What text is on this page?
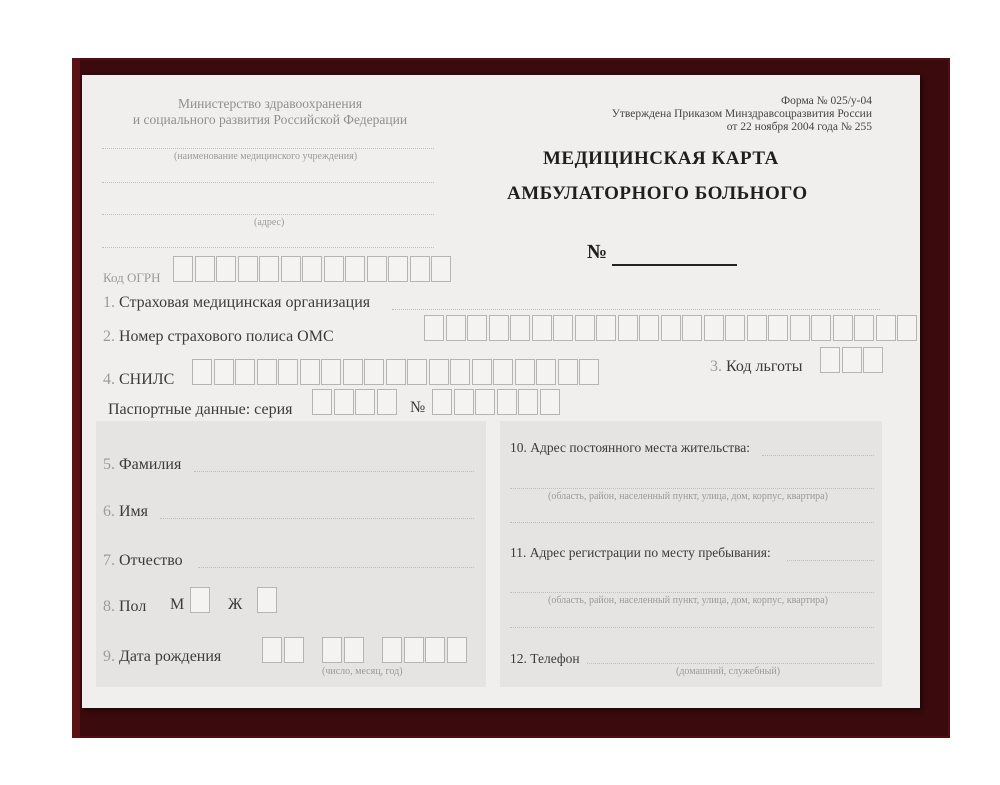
Министерство здравоохранения
и социального развития Российской Федерации
(наименование медицинского учреждения)
(адрес)
Код ОГРН
Форма № 025/у-04
Утверждена Приказом Минздравсоцразвития России
от 22 ноября 2004 года № 255
МЕДИЦИНСКАЯ КАРТА
АМБУЛАТОРНОГО БОЛЬНОГО
№
1. Страховая медицинская организация
2. Номер страхового полиса ОМС
3. Код льготы
4. СНИЛС
Паспортные данные: серия	№
5. Фамилия
6. Имя
7. Отчество
8. Пол М	Ж
9. Дата рождения
(число, месяц, год)
10. Адрес постоянного места жительства:
(область, район, населенный пункт, улица, дом, корпус, квартира)
11. Адрес регистрации по месту пребывания:
(область, район, населенный пункт, улица, дом, корпус, квартира)
12. Телефон
(домашний, служебный)
